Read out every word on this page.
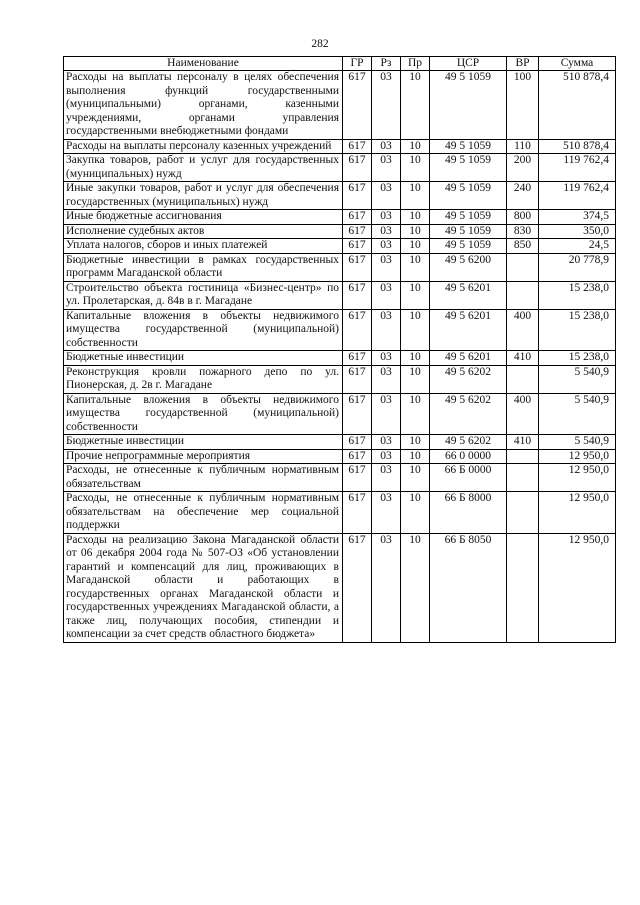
282
Наименование	ГР	Рз	Пр	ЦСР	ВР	Сумма
Расходы на выплаты персоналу в целях обеспечения выполнения функций государственными (муниципальными) органами, казенными учреждениями, органами управления государственными внебюджетными фондами	617	03	10	49 5 1059	100	510 878,4
Расходы на выплаты персоналу казенных учреждений	617	03	10	49 5 1059	110	510 878,4
Закупка товаров, работ и услуг для государственных (муниципальных) нужд	617	03	10	49 5 1059	200	119 762,4
Иные закупки товаров, работ и услуг для обеспечения государственных (муниципальных) нужд	617	03	10	49 5 1059	240	119 762,4
Иные бюджетные ассигнования	617	03	10	49 5 1059	800	374,5
Исполнение судебных актов	617	03	10	49 5 1059	830	350,0
Уплата налогов, сборов и иных платежей	617	03	10	49 5 1059	850	24,5
Бюджетные инвестиции в рамках государственных программ Магаданской области	617	03	10	49 5 6200		20 778,9
Строительство объекта гостиница «Бизнес-центр» по ул. Пролетарская, д. 84в в г. Магадане	617	03	10	49 5 6201		15 238,0
Капитальные вложения в объекты недвижимого имущества государственной (муниципальной) собственности	617	03	10	49 5 6201	400	15 238,0
Бюджетные инвестиции	617	03	10	49 5 6201	410	15 238,0
Реконструкция кровли пожарного депо по ул. Пионерская, д. 2в г. Магадане	617	03	10	49 5 6202		5 540,9
Капитальные вложения в объекты недвижимого имущества государственной (муниципальной) собственности	617	03	10	49 5 6202	400	5 540,9
Бюджетные инвестиции	617	03	10	49 5 6202	410	5 540,9
Прочие непрограммные мероприятия	617	03	10	66 0 0000		12 950,0
Расходы, не отнесенные к публичным нормативным обязательствам	617	03	10	66 Б 0000		12 950,0
Расходы, не отнесенные к публичным нормативным обязательствам на обеспечение мер социальной поддержки	617	03	10	66 Б 8000		12 950,0
Расходы на реализацию Закона Магаданской области от 06 декабря 2004 года № 507-ОЗ «Об установлении гарантий и компенсаций для лиц, проживающих в Магаданской области и работающих в государственных органах Магаданской области и государственных учреждениях Магаданской области, а также лиц, получающих пособия, стипендии и компенсации за счет средств областного бюджета»	617	03	10	66 Б 8050		12 950,0
